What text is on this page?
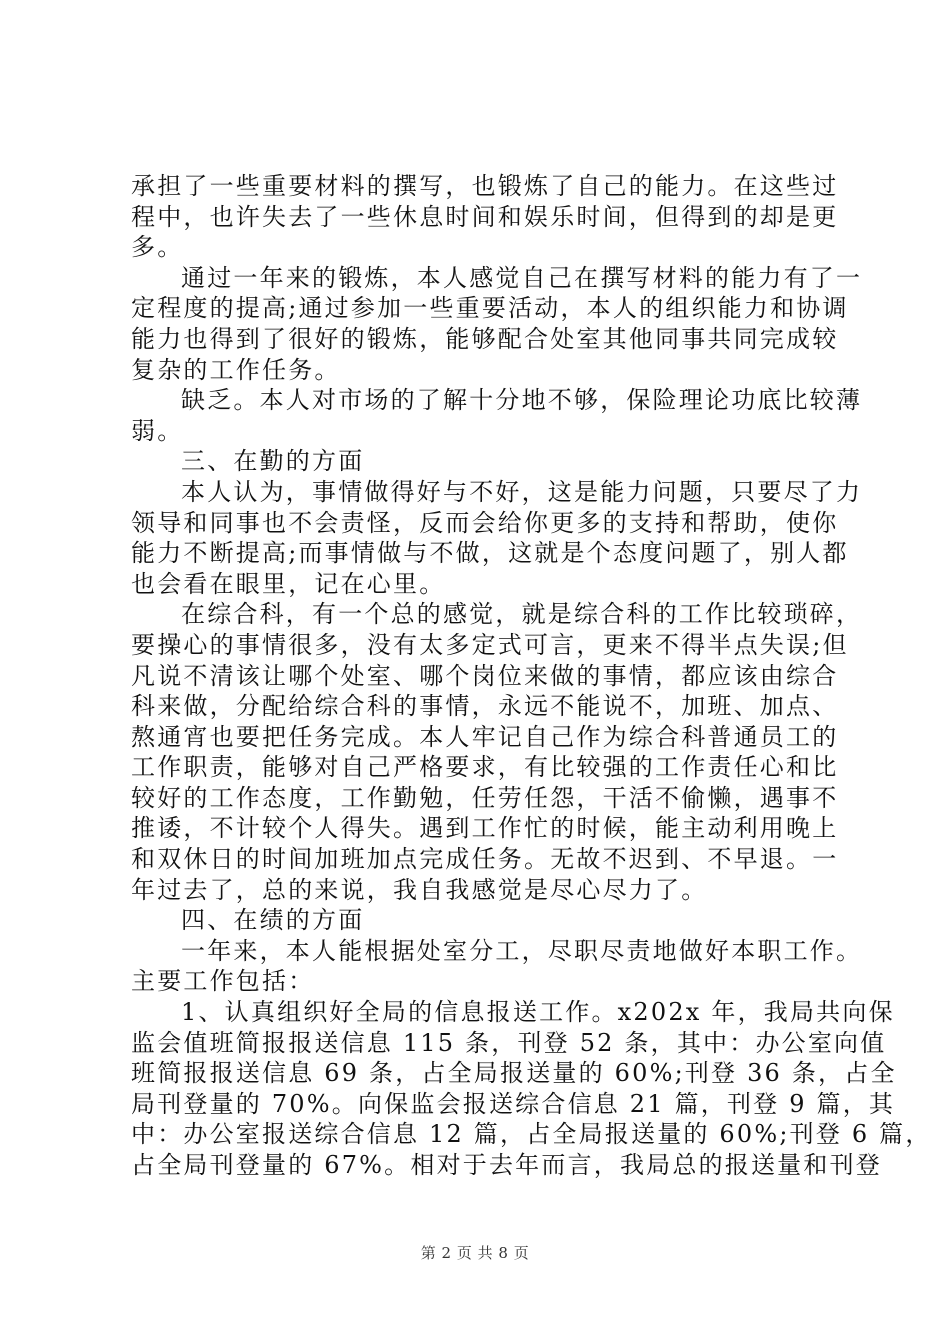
承担了一些重要材料的撰写，也锻炼了自己的能力。在这些过
程中，也许失去了一些休息时间和娱乐时间，但得到的却是更
多。
通过一年来的锻炼，本人感觉自己在撰写材料的能力有了一
定程度的提高;通过参加一些重要活动，本人的组织能力和协调
能力也得到了很好的锻炼，能够配合处室其他同事共同完成较
复杂的工作任务。
缺乏。本人对市场的了解十分地不够，保险理论功底比较薄
弱。
三、在勤的方面
本人认为，事情做得好与不好，这是能力问题，只要尽了力
领导和同事也不会责怪，反而会给你更多的支持和帮助，使你
能力不断提高;而事情做与不做，这就是个态度问题了，别人都
也会看在眼里，记在心里。
在综合科，有一个总的感觉，就是综合科的工作比较琐碎，
要操心的事情很多，没有太多定式可言，更来不得半点失误;但
凡说不清该让哪个处室、哪个岗位来做的事情，都应该由综合
科来做，分配给综合科的事情，永远不能说不，加班、加点、
熬通宵也要把任务完成。本人牢记自己作为综合科普通员工的
工作职责，能够对自己严格要求，有比较强的工作责任心和比
较好的工作态度，工作勤勉，任劳任怨，干活不偷懒，遇事不
推诿，不计较个人得失。遇到工作忙的时候，能主动利用晚上
和双休日的时间加班加点完成任务。无故不迟到、不早退。一
年过去了，总的来说，我自我感觉是尽心尽力了。
四、在绩的方面
一年来，本人能根据处室分工，尽职尽责地做好本职工作。
主要工作包括：
1、认真组织好全局的信息报送工作。x202x 年，我局共向保
监会值班简报报送信息 115 条，刊登 52 条，其中：办公室向值
班简报报送信息 69 条，占全局报送量的 60%;刊登 36 条，占全
局刊登量的 70%。向保监会报送综合信息 21 篇，刊登 9 篇，其
中：办公室报送综合信息 12 篇，占全局报送量的 60%;刊登 6 篇，
占全局刊登量的 67%。相对于去年而言，我局总的报送量和刊登
第 2 页 共 8 页
